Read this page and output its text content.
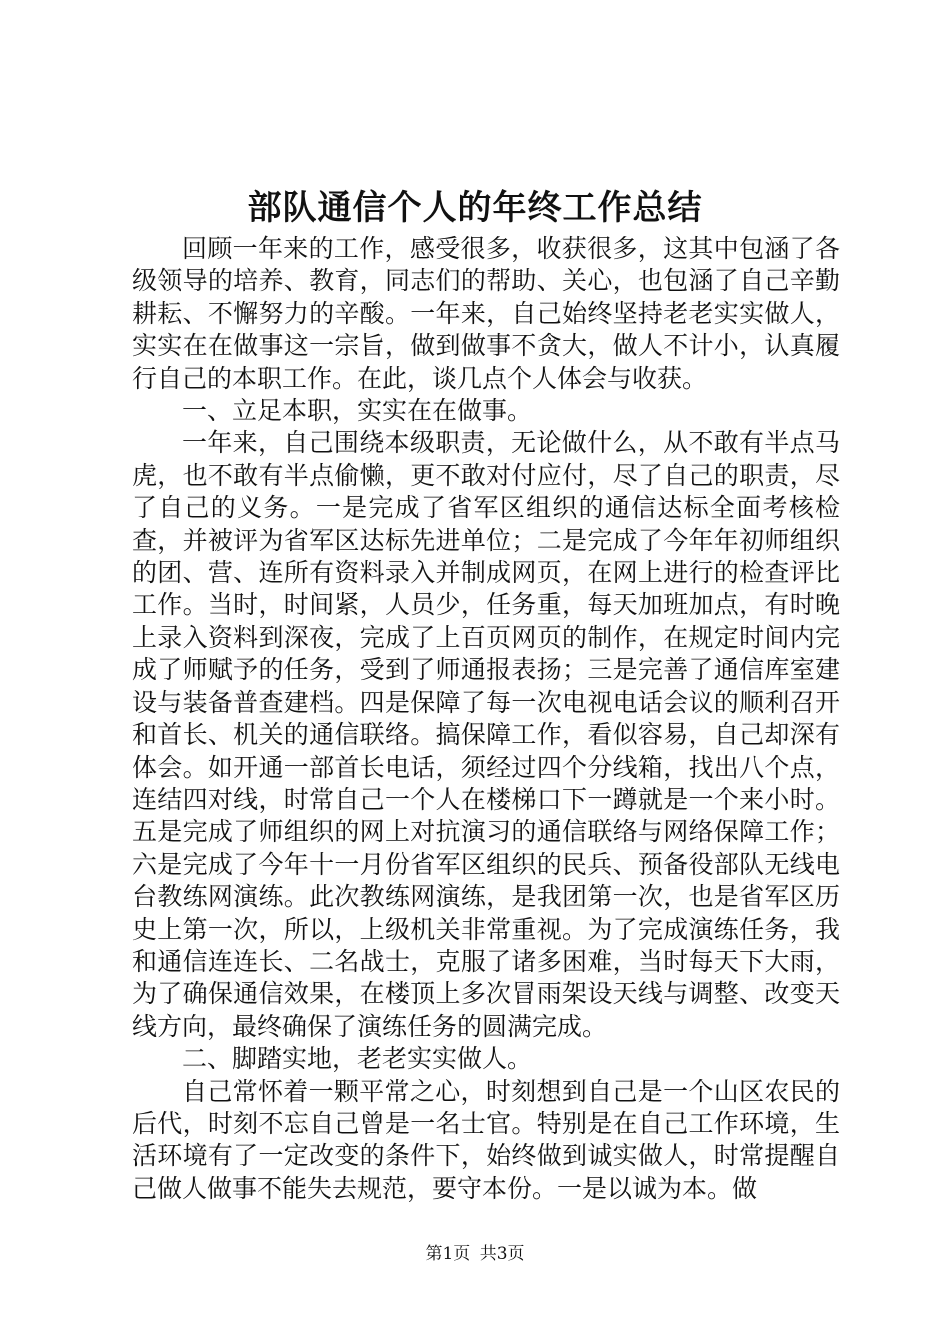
部队通信个人的年终工作总结

回顾一年来的工作，感受很多，收获很多，这其中包涵了各级领导的培养、教育，同志们的帮助、关心，也包涵了自己辛勤耕耘、不懈努力的辛酸。一年来，自己始终坚持老老实实做人，实实在在做事这一宗旨，做到做事不贪大，做人不计小，认真履行自己的本职工作。在此，谈几点个人体会与收获。

一、立足本职，实实在在做事。

一年来，自己围绕本级职责，无论做什么，从不敢有半点马虎，也不敢有半点偷懒，更不敢对付应付，尽了自己的职责，尽了自己的义务。一是完成了省军区组织的通信达标全面考核检查，并被评为省军区达标先进单位；二是完成了今年年初师组织的团、营、连所有资料录入并制成网页，在网上进行的检查评比工作。当时，时间紧，人员少，任务重，每天加班加点，有时晚上录入资料到深夜，完成了上百页网页的制作，在规定时间内完成了师赋予的任务，受到了师通报表扬；三是完善了通信库室建设与装备普查建档。四是保障了每一次电视电话会议的顺利召开和首长、机关的通信联络。搞保障工作，看似容易，自己却深有体会。如开通一部首长电话，须经过四个分线箱，找出八个点，连结四对线，时常自己一个人在楼梯口下一蹲就是一个来小时。五是完成了师组织的网上对抗演习的通信联络与网络保障工作；六是完成了今年十一月份省军区组织的民兵、预备役部队无线电台教练网演练。此次教练网演练，是我团第一次，也是省军区历史上第一次，所以，上级机关非常重视。为了完成演练任务，我和通信连连长、二名战士，克服了诸多困难，当时每天下大雨，为了确保通信效果，在楼顶上多次冒雨架设天线与调整、改变天线方向，最终确保了演练任务的圆满完成。

二、脚踏实地，老老实实做人。

自己常怀着一颗平常之心，时刻想到自己是一个山区农民的后代，时刻不忘自己曾是一名士官。特别是在自己工作环境，生活环境有了一定改变的条件下，始终做到诚实做人，时常提醒自己做人做事不能失去规范，要守本份。一是以诚为本。做

第1页 共3页
